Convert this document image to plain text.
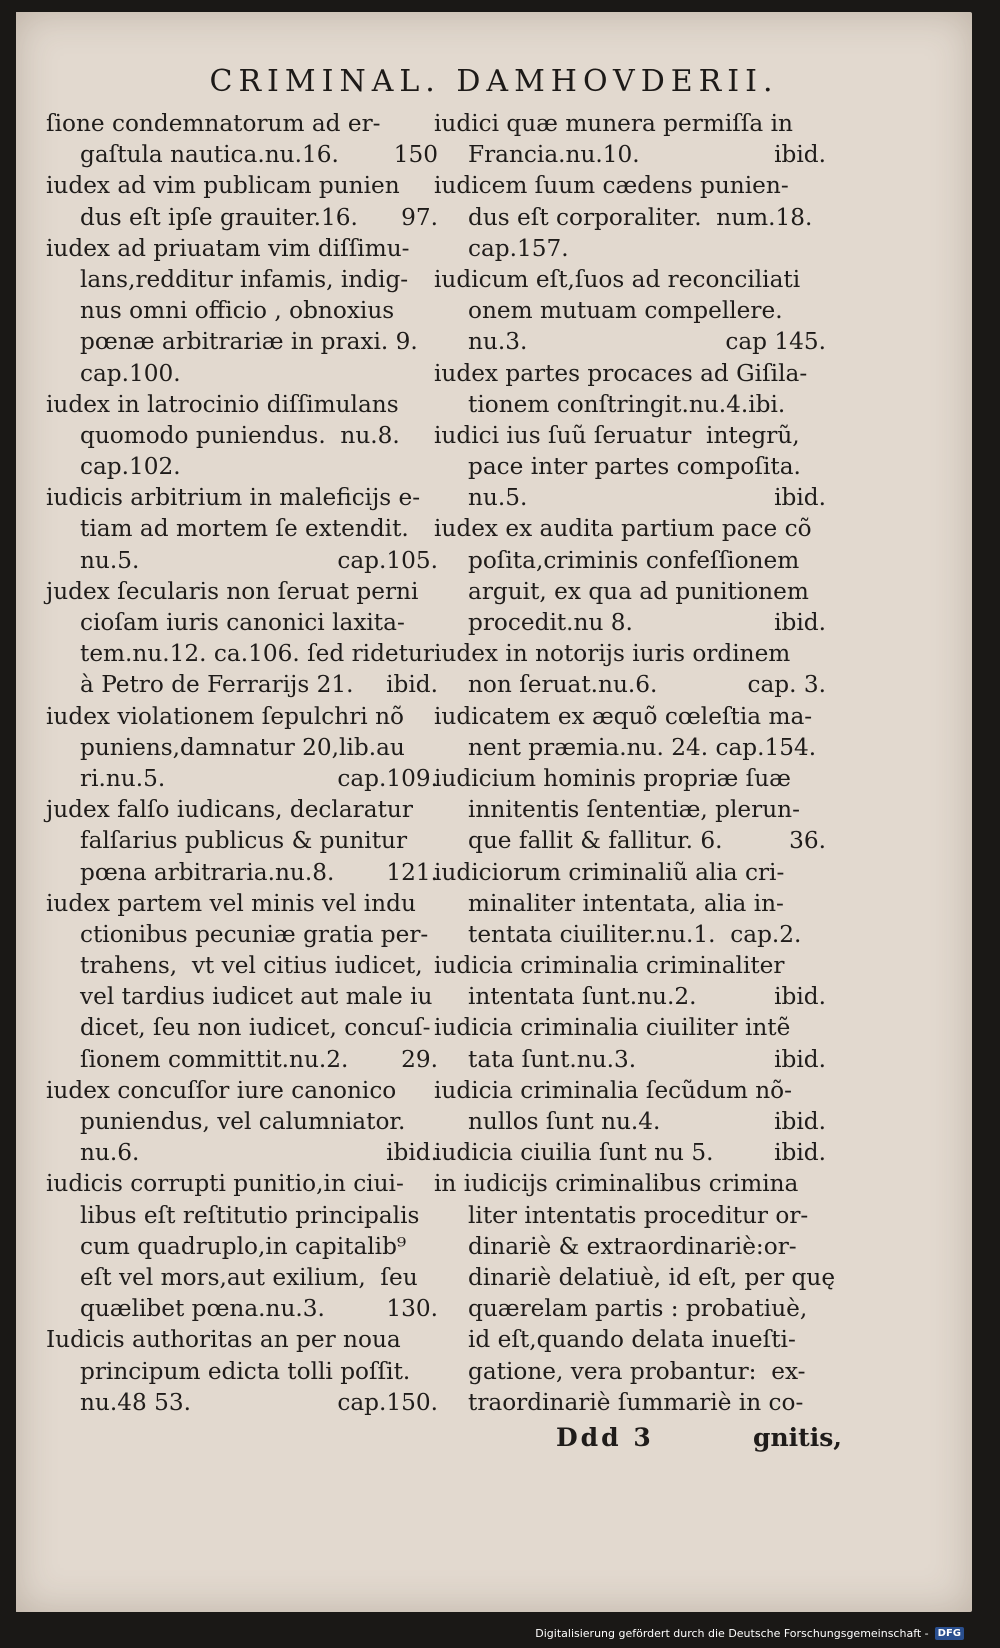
CRIMINAL. DAMHOVDERII.
ſione condemnatorum ad er-
gaſtula nautica.nu.16. 150
iudex ad vim publicam punien
dus eſt ipſe grauiter.16. 97.
iudex ad priuatam vim diſſimu-
lans,redditur infamis, indig-
nus omni officio , obnoxius
pœnæ arbitrariæ in praxi. 9.
cap.100.
iudex in latrocinio diſſimulans
quomodo puniendus.  nu.8.
cap.102.
iudicis arbitrium in maleficijs e-
tiam ad mortem ſe extendit.
nu.5.	cap.105.
judex ſecularis non ſeruat perni
cioſam iuris canonici laxita-
tem.nu.12. ca.106. ſed ridetur
à Petro de Ferrarijs 21. ibid.
iudex violationem ſepulchri nõ
puniens,damnatur 20,lib.au
ri.nu.5.	cap.109.
judex falſo iudicans, declaratur
falſarius publicus & punitur
pœna arbitraria.nu.8. 121.
iudex partem vel minis vel indu
ctionibus pecuniæ gratia per-
trahens,  vt vel citius iudicet,
vel tardius iudicet aut male iu
dicet, ſeu non iudicet, concuſ-
ſionem committit.nu.2. 29.
iudex concuſſor iure canonico
puniendus, vel calumniator.
nu.6.	ibid.
iudicis corrupti punitio,in ciui-
libus eſt reſtitutio principalis
cum quadruplo,in capitalib⁹
eſt vel mors,aut exilium,  ſeu
quælibet pœna.nu.3.	130.
Iudicis authoritas an per noua
principum edicta tolli poſſit.
nu.48 53.	cap.150.
iudici quæ munera permiſſa in
Francia.nu.10.	ibid.
iudicem ſuum cædens punien-
dus eſt corporaliter.  num.18.
cap.157.
iudicum eſt,ſuos ad reconciliati
onem mutuam compellere.
nu.3.	cap 145.
iudex partes procaces ad Giſila-
tionem conſtringit.nu.4.ibi.
iudici ius ſuũ ſeruatur  integrũ,
pace inter partes compoſita.
nu.5.	ibid.
iudex ex audita partium pace cõ
poſita,criminis confeſſionem
arguit, ex qua ad punitionem
procedit.nu 8.	ibid.
iudex in notorijs iuris ordinem
non ſeruat.nu.6.	cap. 3.
iudicatem ex æquõ cœleſtia ma-
nent præmia.nu. 24. cap.154.
iudicium hominis propriæ ſuæ
innitentis ſententiæ, plerun-
que fallit & fallitur. 6.	36.
iudiciorum criminaliũ alia cri-
minaliter intentata, alia in-
tentata ciuiliter.nu.1.  cap.2.
iudicia criminalia criminaliter
intentata ſunt.nu.2.	ibid.
iudicia criminalia ciuiliter intẽ
tata ſunt.nu.3.	ibid.
iudicia criminalia ſecũdum nõ-
nullos ſunt nu.4.	ibid.
iudicia ciuilia ſunt nu 5.	ibid.
in iudicijs criminalibus crimina
liter intentatis proceditur or-
dinariè & extraordinariè:or-
dinariè delatiuè, id eſt, per quę
quærelam partis : probatiuè,
id eſt,quando delata inueſti-
gatione, vera probantur:  ex-
traordinariè ſummariè in co-
Ddd 3	gnitis,
Digitalisierung gefördert durch die Deutsche Forschungsgemeinschaft - DFG
